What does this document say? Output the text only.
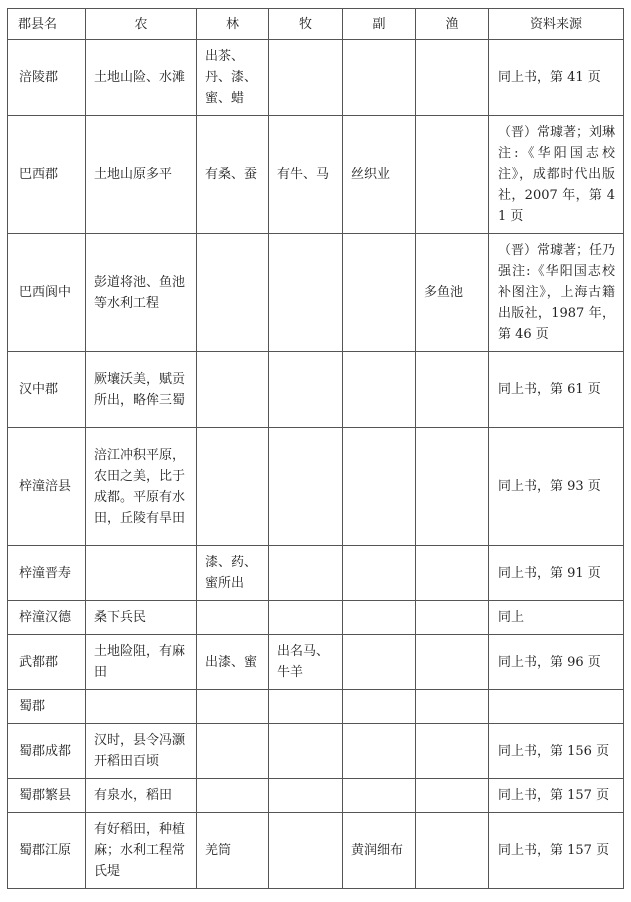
郡县名	农	林	牧	副	渔	资料来源
涪陵郡	土地山险、水滩	出茶、丹、漆、蜜、蜡				同上书，第 41 页
巴西郡	土地山原多平	有桑、蚕	有牛、马	丝织业		（晋）常璩著；刘琳注:《华阳国志校注》，成都时代出版社，2007 年，第 41 页
巴西阆中	彭道将池、鱼池等水利工程				多鱼池	（晋）常璩著；任乃强注:《华阳国志校补图注》，上海古籍出版社，1987 年，第 46 页
汉中郡	厥壤沃美，赋贡所出，略侔三蜀					同上书，第 61 页
梓潼涪县	涪江冲积平原，农田之美，比于成都。平原有水田，丘陵有旱田					同上书，第 93 页
梓潼晋寿		漆、药、蜜所出				同上书，第 91 页
梓潼汉德	桑下兵民					同上
武都郡	土地险阻，有麻田	出漆、蜜	出名马、牛羊			同上书，第 96 页
蜀郡						
蜀郡成都	汉时，县令冯灏开稻田百顷					同上书，第 156 页
蜀郡繁县	有泉水，稻田					同上书，第 157 页
蜀郡江原	有好稻田，种植麻；水利工程常氏堤	羌筒		黄润细布		同上书，第 157 页
